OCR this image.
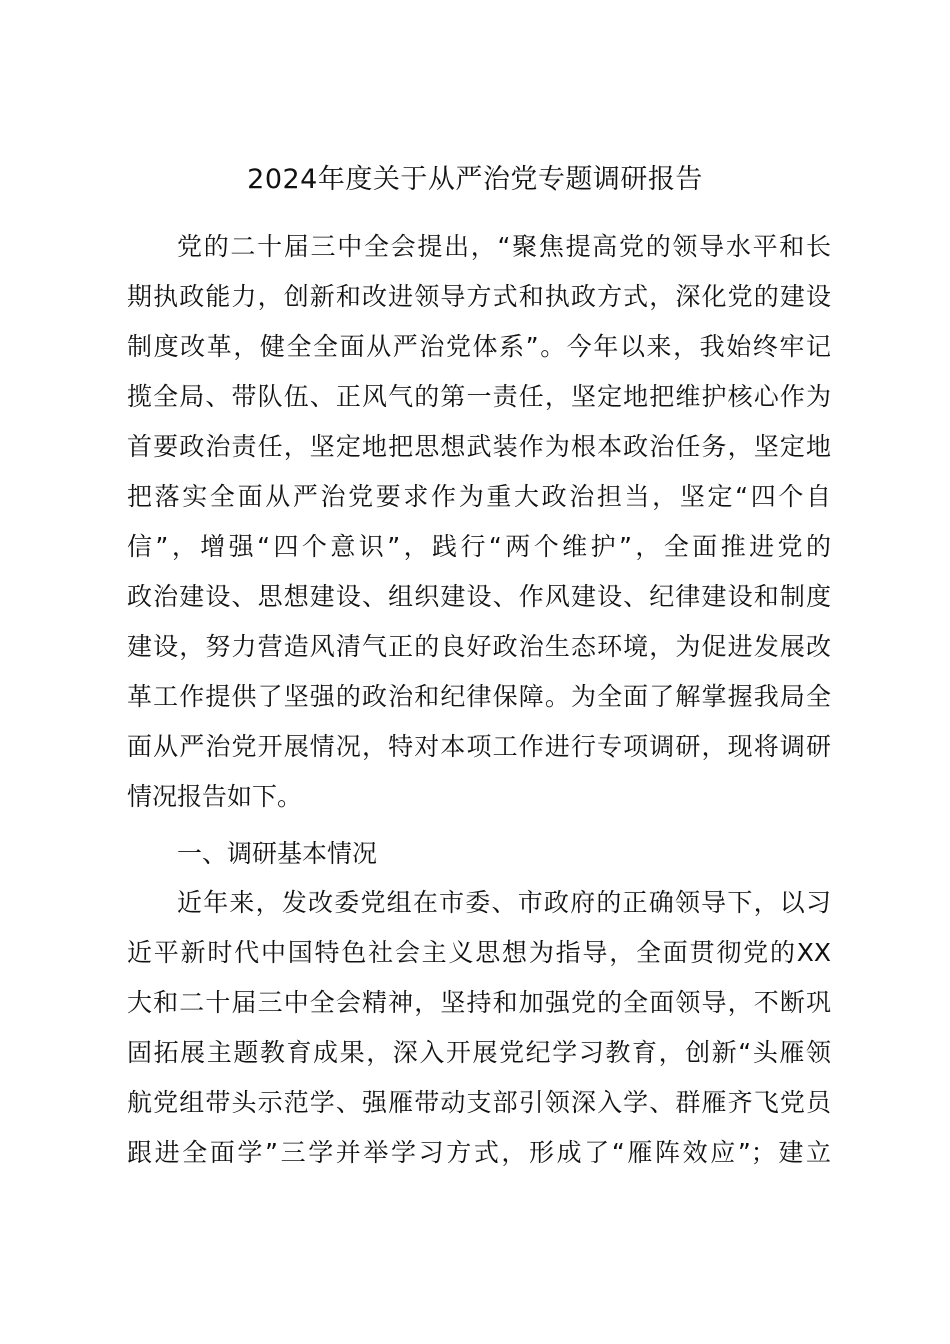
2024年度关于从严治党专题调研报告
党的二十届三中全会提出，“聚焦提高党的领导水平和长
期执政能力，创新和改进领导方式和执政方式，深化党的建设
制度改革，健全全面从严治党体系”。今年以来，我始终牢记
揽全局、带队伍、正风气的第一责任，坚定地把维护核心作为
首要政治责任，坚定地把思想武装作为根本政治任务，坚定地
把落实全面从严治党要求作为重大政治担当，坚定“四个自
信”，增强“四个意识”，践行“两个维护”，全面推进党的
政治建设、思想建设、组织建设、作风建设、纪律建设和制度
建设，努力营造风清气正的良好政治生态环境，为促进发展改
革工作提供了坚强的政治和纪律保障。为全面了解掌握我局全
面从严治党开展情况，特对本项工作进行专项调研，现将调研
情况报告如下。
一、调研基本情况
近年来，发改委党组在市委、市政府的正确领导下，以习
近平新时代中国特色社会主义思想为指导，全面贯彻党的XX
大和二十届三中全会精神，坚持和加强党的全面领导，不断巩
固拓展主题教育成果，深入开展党纪学习教育，创新“头雁领
航党组带头示范学、强雁带动支部引领深入学、群雁齐飞党员
跟进全面学”三学并举学习方式，形成了“雁阵效应”；建立
